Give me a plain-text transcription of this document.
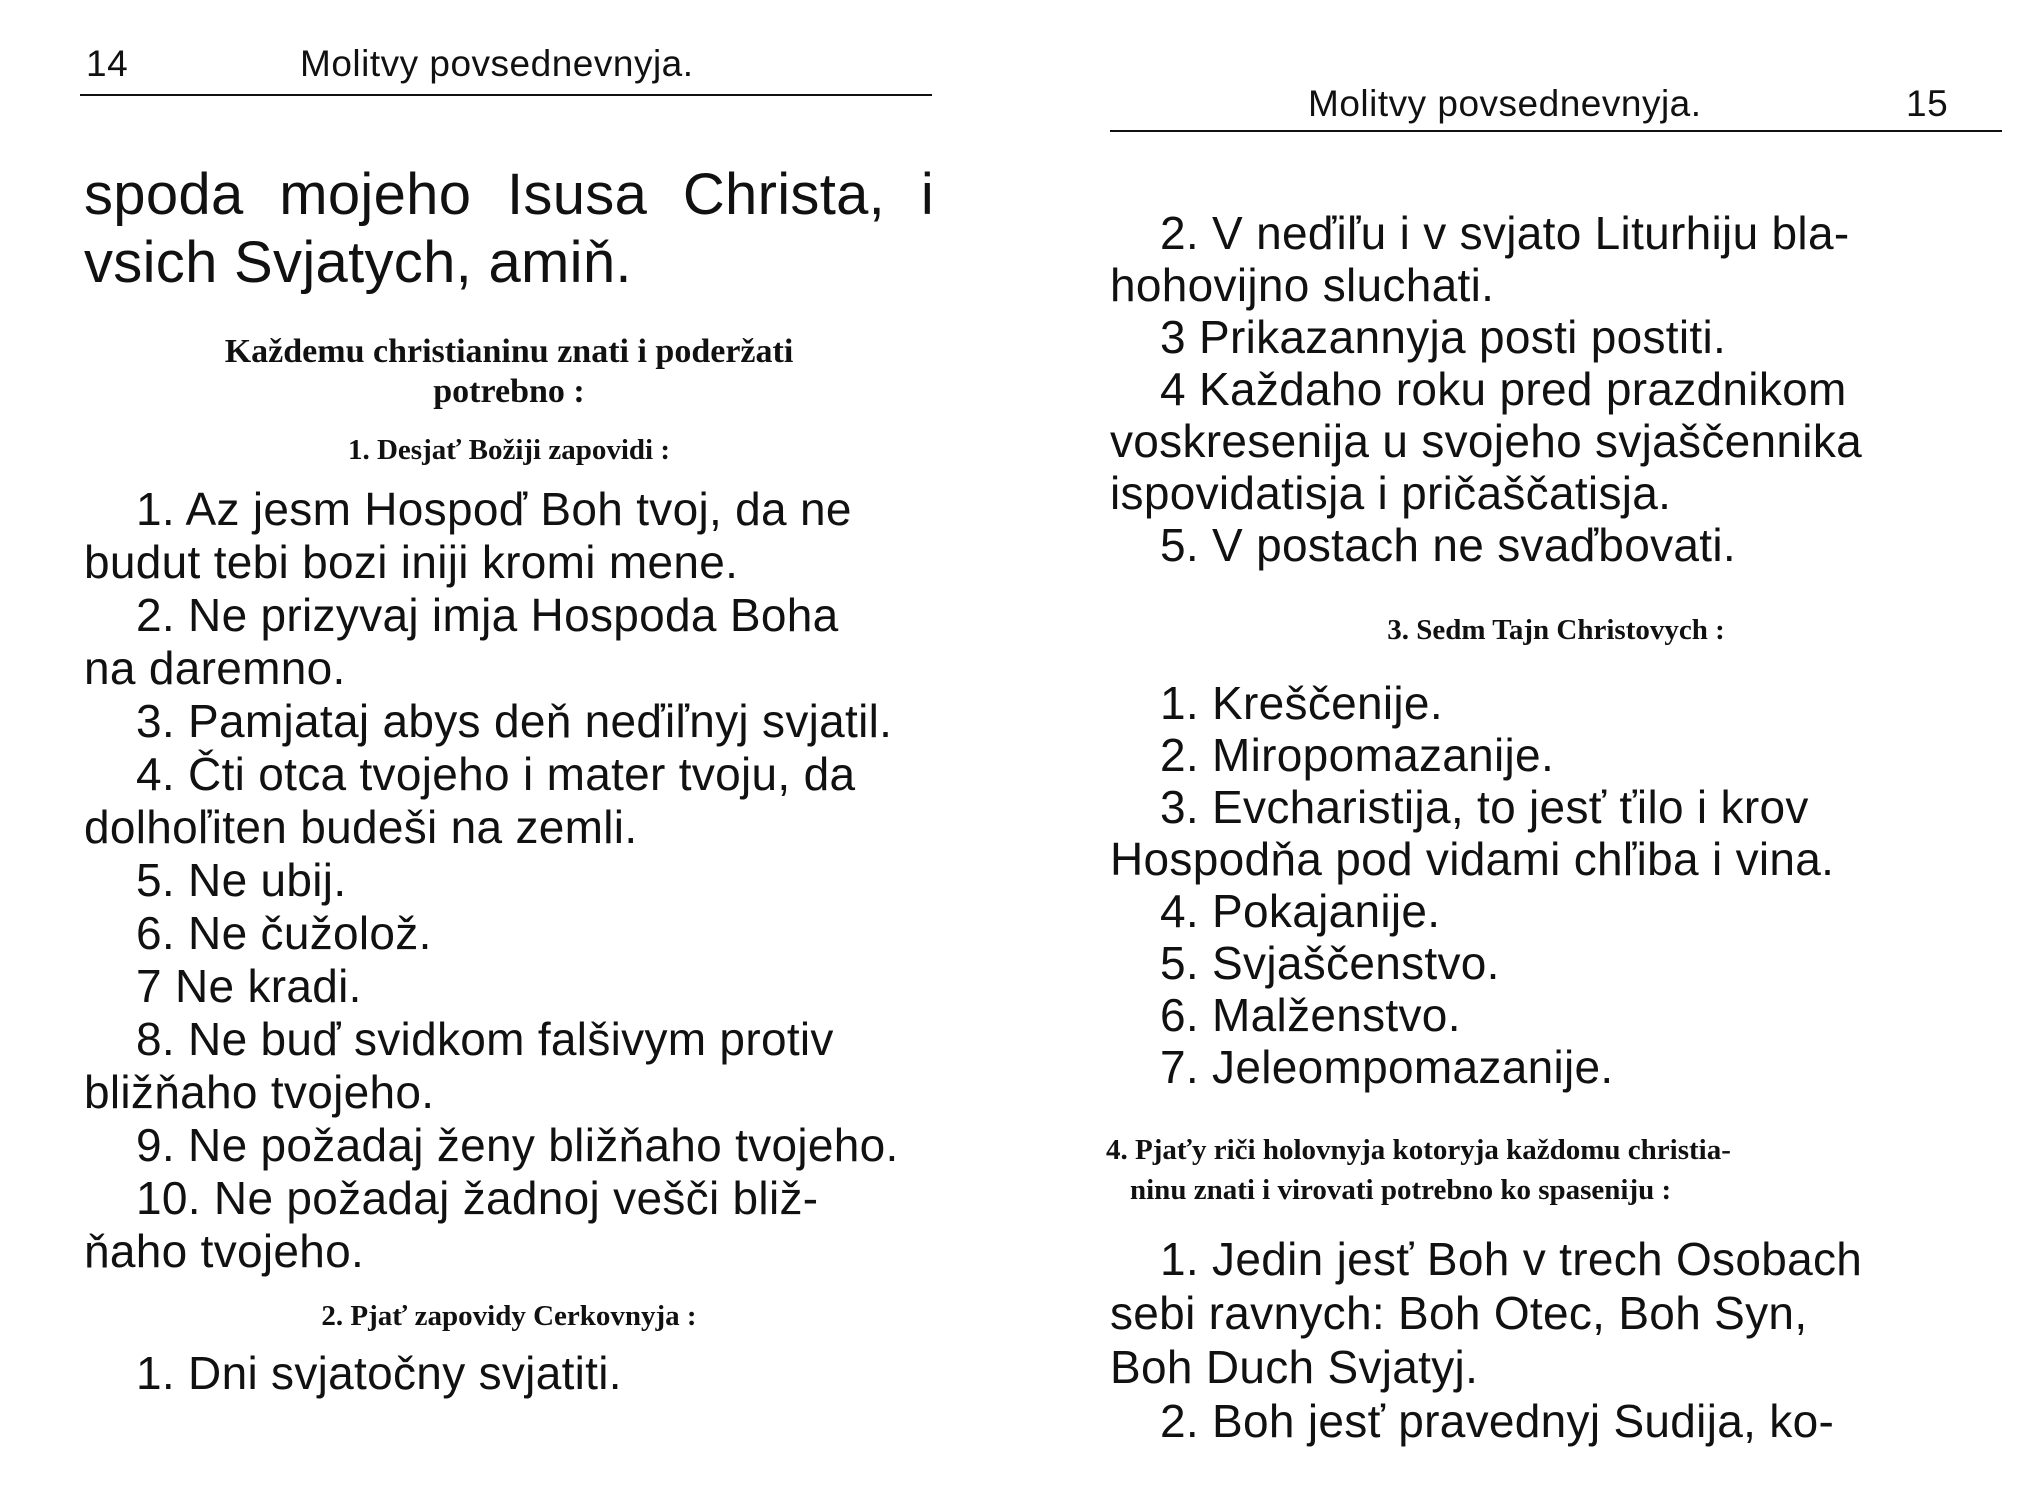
14	Molitvy povsednevnyja.
spoda mojeho Isusa Christa, i
vsich Svjatych, amiň.
Každemu christianinu znati i poderžati
potrebno :
1. Desjať Božiji zapovidi :
1. Az jesm Hospoď Boh tvoj, da ne
budut tebi bozi iniji kromi mene.
2. Ne prizyvaj imja Hospoda Boha
na daremno.
3. Pamjataj abys deň neďiľnyj svjatil.
4. Čti otca tvojeho i mater tvoju, da
dolhoľiten budeši na zemli.
5. Ne ubij.
6. Ne čužolož.
7 Ne kradi.
8. Ne buď svidkom falšivym protiv
bližňaho tvojeho.
9. Ne požadaj ženy bližňaho tvojeho.
10. Ne požadaj žadnoj vešči bliž-
ňaho tvojeho.
2. Pjať zapovidy Cerkovnyja :
1. Dni svjatočny svjatiti.
Molitvy povsednevnyja.	15
2. V neďiľu i v svjato Liturhiju bla-
hohovijno sluchati.
3 Prikazannyja posti postiti.
4 Každaho roku pred prazdnikom
voskresenija u svojeho svjaščennika
ispovidatisja i pričaščatisja.
5. V postach ne svaďbovati.
3. Sedm Tajn Christovych :
1. Kreščenije.
2. Miropomazanije.
3. Evcharistija, to jesť ťilo i krov
Hospodňa pod vidami chľiba i vina.
4. Pokajanije.
5. Svjaščenstvo.
6. Malženstvo.
7. Jeleompomazanije.
4. Pjaťy riči holovnyja kotoryja každomu christia-
ninu znati i virovati potrebno ko spaseniju :
1. Jedin jesť Boh v trech Osobach
sebi ravnych: Boh Otec, Boh Syn,
Boh Duch Svjatyj.
2. Boh jesť pravednyj Sudija, ko-
